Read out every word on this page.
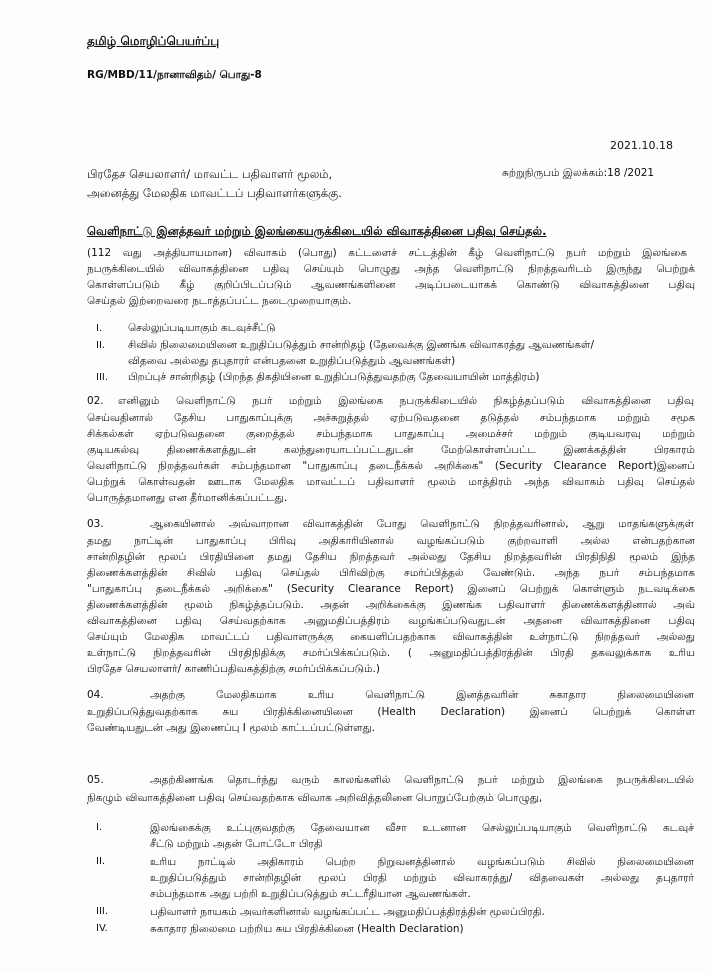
தமிழ் மொழிப்பெயர்ப்பு
RG/MBD/11/நானாவிதம்/ பொது-8
2021.10.18
சுற்றுநிருபம் இலக்கம்:18 /2021
பிரதேச செயலாளர்/ மாவட்ட பதிவாளர் மூலம்,
அனைத்து மேலதிக மாவட்டப் பதிவாளர்களுக்கு.
வெளிநாட்டு இனத்தவர் மற்றும் இலங்கையருக்கிடையில் விவாகத்தினை பதிவு செய்தல்.
(112 வது அத்தியாயமான) விவாகம் (பொது) கட்டளைச் சட்டத்தின் கீழ் வெளிநாட்டு நபர் மற்றும் இலங்கை
நபருக்கிடையில் விவாகத்தினை பதிவு செய்யும் பொழுது அந்த வெளிநாட்டு நிறத்தவரிடம் இருந்து பெற்றுக்
கொள்ளப்படும் கீழ் குறிப்பிடப்படும் ஆவணங்களினை அடிப்படையாகக் கொண்டு விவாகத்தினை பதிவு
செய்தல் இற்றைவரை நடாத்தப்பட்ட நடைமுறையாகும்.
I. செல்லுப்படியாகும் கடவுச்சீட்டு
II. சிவில் நிலைமையினை உறுதிப்படுத்தும் சான்றிதழ் (தேவைக்கு இணங்க விவாகரத்து ஆவணங்கள்/
விதவை அல்லது தபுதாரர் என்பதனை உறுதிப்படுத்தும் ஆவணங்கள்)
III. பிறப்புச் சான்றிதழ் (பிறந்த திகதியினை உறுதிப்படுத்துவதற்கு தேவையாயின் மாத்திரம்)
02. எனினும் வெளிநாட்டு நபர் மற்றும் இலங்கை நபருக்கிடையில் நிகழ்த்தப்படும் விவாகத்தினை பதிவு
செய்வதினால் தேசிய பாதுகாப்புக்கு அச்சுறுத்தல் ஏற்படுவதனை தடுத்தல் சம்பந்தமாக மற்றும் சமூக
சிக்கல்கள் ஏற்படுவதனை குறைத்தல் சம்பந்தமாக பாதுகாப்பு அமைச்சர் மற்றும் குடியவரவு மற்றும்
குடியகல்வு திணைக்களத்துடன் கலந்துரையாடப்பட்டதுடன் மேற்கொள்ளப்பட்ட இணக்கத்தின் பிரகாரம்
வெளிநாட்டு நிறத்தவர்கள் சம்பந்தமான "பாதுகாப்பு தடைநீக்கல் அறிக்கை" (Security Clearance Report)இனைப்
பெற்றுக் கொள்வதன் ஊடாக மேலதிக மாவட்டப் பதிவாளர் மூலம் மாத்திரம் அந்த விவாகம் பதிவு செய்தல்
பொருத்தமானது என தீர்மானிக்கப்பட்டது.
03.	ஆகையினால் அவ்வாறான விவாகத்தின் போது வெளிநாட்டு நிறத்தவரினால், ஆறு மாதங்களுக்குள்
தமது நாட்டின் பாதுகாப்பு பிரிவு அதிகாரியினால் வழங்கப்படும் குற்றவாளி அல்ல என்பதற்கான
சான்றிதழின் மூலப் பிரதியினை தமது தேசிய நிறத்தவர் அல்லது தேசிய நிறத்தவரின் பிரதிநிதி மூலம் இந்த
திணைக்களத்தின் சிவில் பதிவு செய்தல் பிரிவிற்கு சமர்ப்பித்தல் வேண்டும். அந்த நபர் சம்பந்தமாக
"பாதுகாப்பு தடைநீக்கல் அறிக்கை" (Security Clearance Report) இனைப் பெற்றுக் கொள்ளும் நடவடிக்கை
திணைக்களத்தின் மூலம் நிகழ்த்தப்படும். அதன் அறிக்கைக்கு இணங்க பதிவாளர் திணைக்களத்தினால் அவ்
விவாகத்தினை பதிவு செய்வதற்காக அனுமதிப்பத்திரம் வழங்கப்படுவதுடன் அதனை விவாகத்தினை பதிவு
செய்யும் மேலதிக மாவட்டப் பதிவாளருக்கு கையளிப்பதற்காக விவாகத்தின் உள்நாட்டு நிறத்தவர் அல்லது
உள்நாட்டு நிறத்தவரின் பிரதிநிதிக்கு சமர்ப்பிக்கப்படும். ( அனுமதிப்பத்திரத்தின் பிரதி தகவலுக்காக உரிய
பிரதேச செயலாளர்/ காணிப்பதிவகத்திற்கு சமர்ப்பிக்கப்படும்.)
04.	அதற்கு மேலதிகமாக உரிய வெளிநாட்டு இனத்தவரின் சுகாதார நிலைமையினை
உறுதிப்படுத்துவதற்காக சுய பிரதிக்கினையினை (Health Declaration) இனைப் பெற்றுக் கொள்ள
வேண்டியதுடன் அது இணைப்பு I மூலம் காட்டப்பட்டுள்ளது.
05.	அதற்கிணங்க தொடர்ந்து வரும் காலங்களில் வெளிநாட்டு நபர் மற்றும் இலங்கை நபருக்கிடையில்
நிகழும் விவாகத்தினை பதிவு செய்வதற்காக விவாக அறிவித்தலினை பொறுப்பேற்கும் பொழுது,
I.	இலங்கைக்கு உட்புகுவதற்கு தேவையான வீசா உடனான செல்லுப்படியாகும் வெளிநாட்டு கடவுச்
சீட்டு மற்றும் அதன் போட்டோ பிரதி
II.	உரிய நாட்டில் அதிகாரம் பெற்ற நிறுவனத்தினால் வழங்கப்படும் சிவில் நிலைமையினை
உறுதிப்படுத்தும் சான்றிதழின் மூலப் பிரதி மற்றும் விவாகரத்து/ விதவைகள் அல்லது தபுதாரர்
சம்பந்தமாக அது பற்றி உறுதிப்படுத்தும் சட்டரீதியான ஆவணங்கள்.
III.	பதிவாளர் நாயகம் அவர்களினால் வழங்கப்பட்ட அனுமதிப்பத்திரத்தின் மூலப்பிரதி.
IV.	சுகாதார நிலைமை பற்றிய சுய பிரதிக்கினை (Health Declaration)
